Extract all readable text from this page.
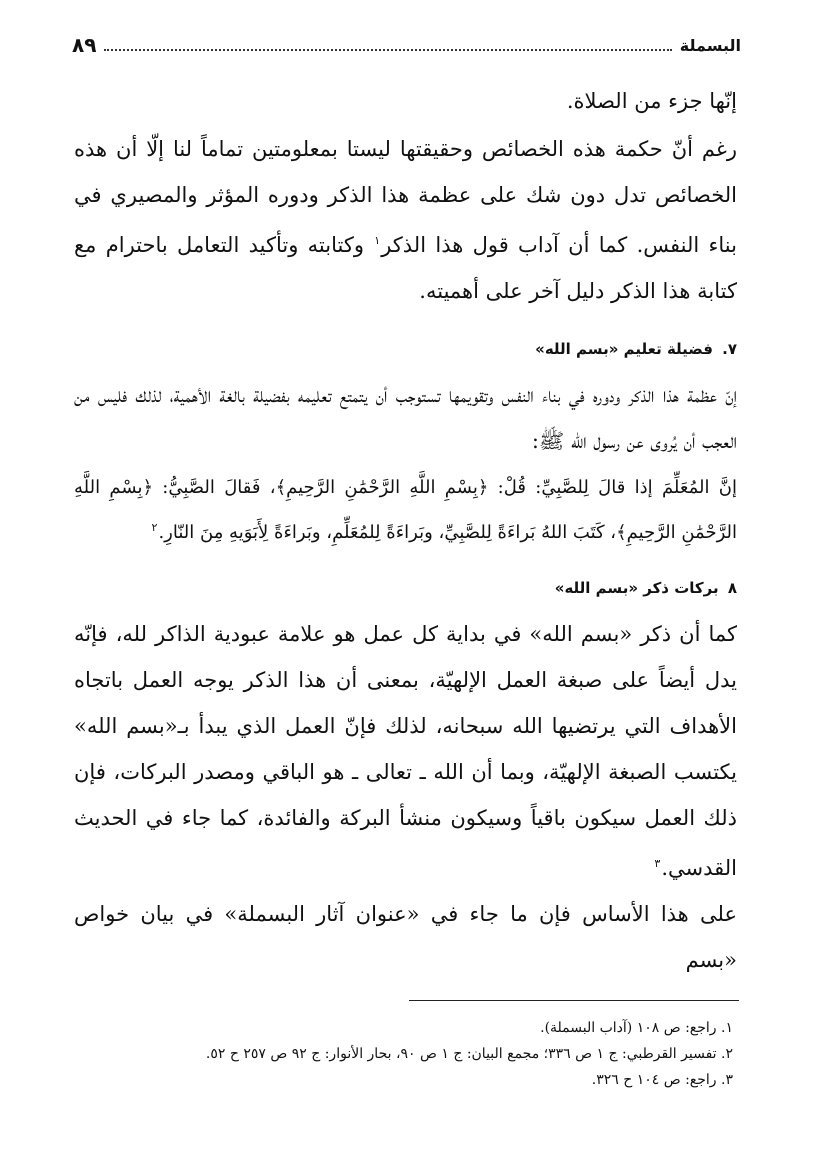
البسملة
٨٩

إنّها جزء من الصلاة.

رغم أنّ حكمة هذه الخصائص وحقيقتها ليستا بمعلومتين تماماً لنا إلّا أن هذه الخصائص تدل دون شك على عظمة هذا الذكر ودوره المؤثر والمصيري في بناء النفس. كما أن آداب قول هذا الذكر$^١$ وكتابته وتأكيد التعامل باحترام مع كتابة هذا الذكر دليل آخر على أهميته.

٧. فضيلة تعليم «بسم الله»

إنّ عظمة هذا الذكر ودوره في بناء النفس وتقويمها تستوجب أن يتمتع تعليمه بفضيلة بالغة الأهمية، لذلك فليس من العجب أن يُروى عن رسول الله ﷺ:

إنَّ المُعَلِّمَ إذا قالَ لِلصَّبِيِّ: قُلْ: ﴿بِسْمِ اللَّهِ الرَّحْمَٰنِ الرَّحِيمِ﴾، فَقالَ الصَّبِيُّ: ﴿بِسْمِ اللَّهِ الرَّحْمَٰنِ الرَّحِيمِ﴾، كَتَبَ اللهُ بَراءَةً لِلصَّبِيِّ، وبَراءَةً لِلمُعَلِّمِ، وبَراءَةً لِأَبَوَيهِ مِنَ النّارِ.$^٢$

٨ بركات ذكر «بسم الله»

كما أن ذكر «بسم الله» في بداية كل عمل هو علامة عبودية الذاكر لله، فإنّه يدل أيضاً على صبغة العمل الإلهيّة، بمعنى أن هذا الذكر يوجه العمل باتجاه الأهداف التي يرتضيها الله سبحانه، لذلك فإنّ العمل الذي يبدأ بـ«بسم الله» يكتسب الصبغة الإلهيّة، وبما أن الله ـ تعالى ـ هو الباقي ومصدر البركات، فإن ذلك العمل سيكون باقياً وسيكون منشأ البركة والفائدة، كما جاء في الحديث القدسي.$^٣$

على هذا الأساس فإن ما جاء في «عنوان آثار البسملة» في بيان خواص «بسم

١. راجع: ص ١٠٨ (آداب البسملة).

٢. تفسير القرطبي: ج ١ ص ٣٣٦؛ مجمع البيان: ج ١ ص ٩٠، بحار الأنوار: ج ٩٢ ص ٢٥٧ ح ٥٢.

٣. راجع: ص ١٠٤ ح ٣٢٦.
